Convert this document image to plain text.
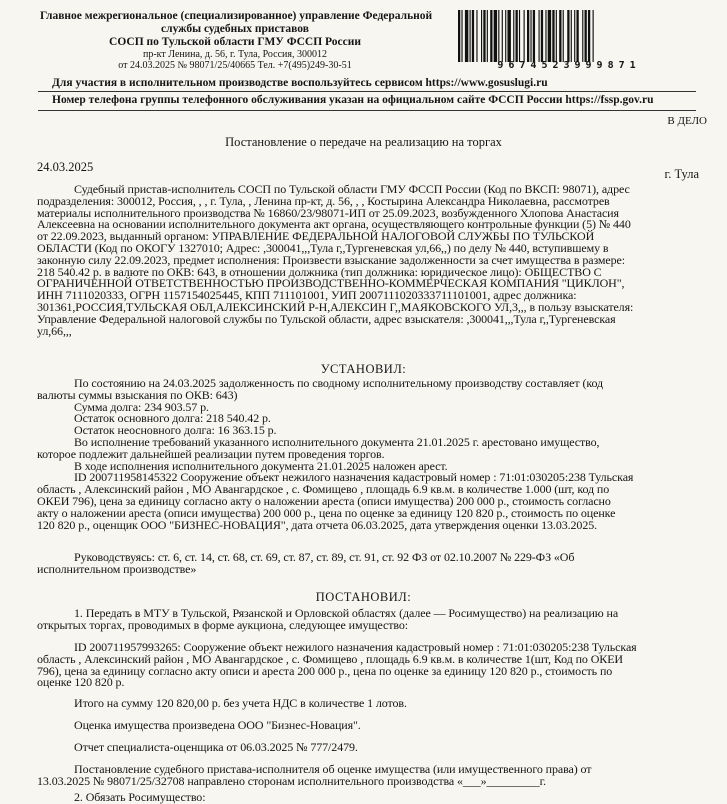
Главное межрегиональное (специализированное) управление Федеральной
службы судебных приставов
СОСП по Тульской области ГМУ ФССП России
пр-кт Ленина, д. 56, г. Тула, Россия, 300012
от 24.03.2025 № 98071/25/40665 Тел. +7(495)249-30-51	9674523999871
Для участия в исполнительном производстве воспользуйтесь сервисом https://www.gosuslugi.ru
Номер телефона группы телефонного обслуживания указан на официальном сайте ФССП России https://fssp.gov.ru
В ДЕЛО
Постановление о передаче на реализацию на торгах
24.03.2025	г. Тула
Судебный пристав-исполнитель СОСП по Тульской области ГМУ ФССП России (Код по ВКСП: 98071), адрес
подразделения: 300012, Россия, , , г. Тула, , Ленина пр-кт, д. 56, , , Костырина Александра Николаевна, рассмотрев
материалы исполнительного производства № 16860/23/98071-ИП от 25.09.2023, возбужденного Хлопова Анастасия
Алексеевна на основании исполнительного документа акт органа, осуществляющего контрольные функции (5) № 440
от 22.09.2023, выданный органом: УПРАВЛЕНИЕ ФЕДЕРАЛЬНОЙ НАЛОГОВОЙ СЛУЖБЫ ПО ТУЛЬСКОЙ
ОБЛАСТИ (Код по ОКОГУ 1327010; Адрес: ,300041,,,Тула г,,Тургеневская ул,66,,) по делу № 440, вступившему в
законную силу 22.09.2023, предмет исполнения: Произвести взыскание задолженности за счет имущества в размере:
218 540.42 р. в валюте по ОКВ: 643, в отношении должника (тип должника: юридическое лицо): ОБЩЕСТВО С
ОГРАНИЧЕННОЙ ОТВЕТСТВЕННОСТЬЮ ПРОИЗВОДСТВЕННО-КОММЕРЧЕСКАЯ КОМПАНИЯ "ЦИКЛОН",
ИНН 7111020333, ОГРН 1157154025445, КПП 711101001, УИП 2007111020333711101001, адрес должника:
301361,РОССИЯ,ТУЛЬСКАЯ ОБЛ,АЛЕКСИНСКИЙ Р-Н,АЛЕКСИН Г,,МАЯКОВСКОГО УЛ,3,,, в пользу взыскателя:
Управление Федеральной налоговой службы по Тульской области, адрес взыскателя: ,300041,,,Тула г,,Тургеневская
ул,66,,,
УСТАНОВИЛ:
По состоянию на 24.03.2025 задолженность по сводному исполнительному производству составляет (код
валюты суммы взыскания по ОКВ: 643)
Сумма долга: 234 903.57 р.
Остаток основного долга: 218 540.42 р.
Остаток неосновного долга: 16 363.15 р.
Во исполнение требований указанного исполнительного документа 21.01.2025 г. арестовано имущество,
которое подлежит дальнейшей реализации путем проведения торгов.
В ходе исполнения исполнительного документа 21.01.2025 наложен арест.
ID 200711958145322 Сооружение объект нежилого назначения кадастровый номер : 71:01:030205:238 Тульская
область , Алексинский район , МО Авангардское , с. Фомищево , площадь 6.9 кв.м. в количестве 1.000 (шт, код по
ОКЕИ 796), цена за единицу согласно акту о наложении ареста (описи имущества) 200 000 р., стоимость согласно
акту о наложении ареста (описи имущества) 200 000 р., цена по оценке за единицу 120 820 р., стоимость по оценке
120 820 р., оценщик ООО "БИЗНЕС-НОВАЦИЯ", дата отчета 06.03.2025, дата утверждения оценки 13.03.2025.
Руководствуясь: ст. 6, ст. 14, ст. 68, ст. 69, ст. 87, ст. 89, ст. 91, ст. 92 ФЗ от 02.10.2007 № 229-ФЗ «Об
исполнительном производстве»
ПОСТАНОВИЛ:
1. Передать в МТУ в Тульской, Рязанской и Орловской областях (далее — Росимущество) на реализацию на
открытых торгах, проводимых в форме аукциона, следующее имущество:
ID 200711957993265: Сооружение объект нежилого назначения кадастровый номер : 71:01:030205:238 Тульская
область , Алексинский район , МО Авангардское , с. Фомищево , площадь 6.9 кв.м. в количестве 1(шт, Код по ОКЕИ
796), цена за единицу согласно акту описи и ареста 200 000 р., цена по оценке за единицу 120 820 р., стоимость по
оценке 120 820 р.
Итого на сумму 120 820,00 р. без учета НДС в количестве 1 лотов.
Оценка имущества произведена ООО "Бизнес-Новация".
Отчет специалиста-оценщика от 06.03.2025 № 777/2479.
Постановление судебного пристава-исполнителя об оценке имущества (или имущественного права) от
13.03.2025 № 98071/25/32708 направлено сторонам исполнительного производства «___»_________г.
2. Обязать Росимущество:
